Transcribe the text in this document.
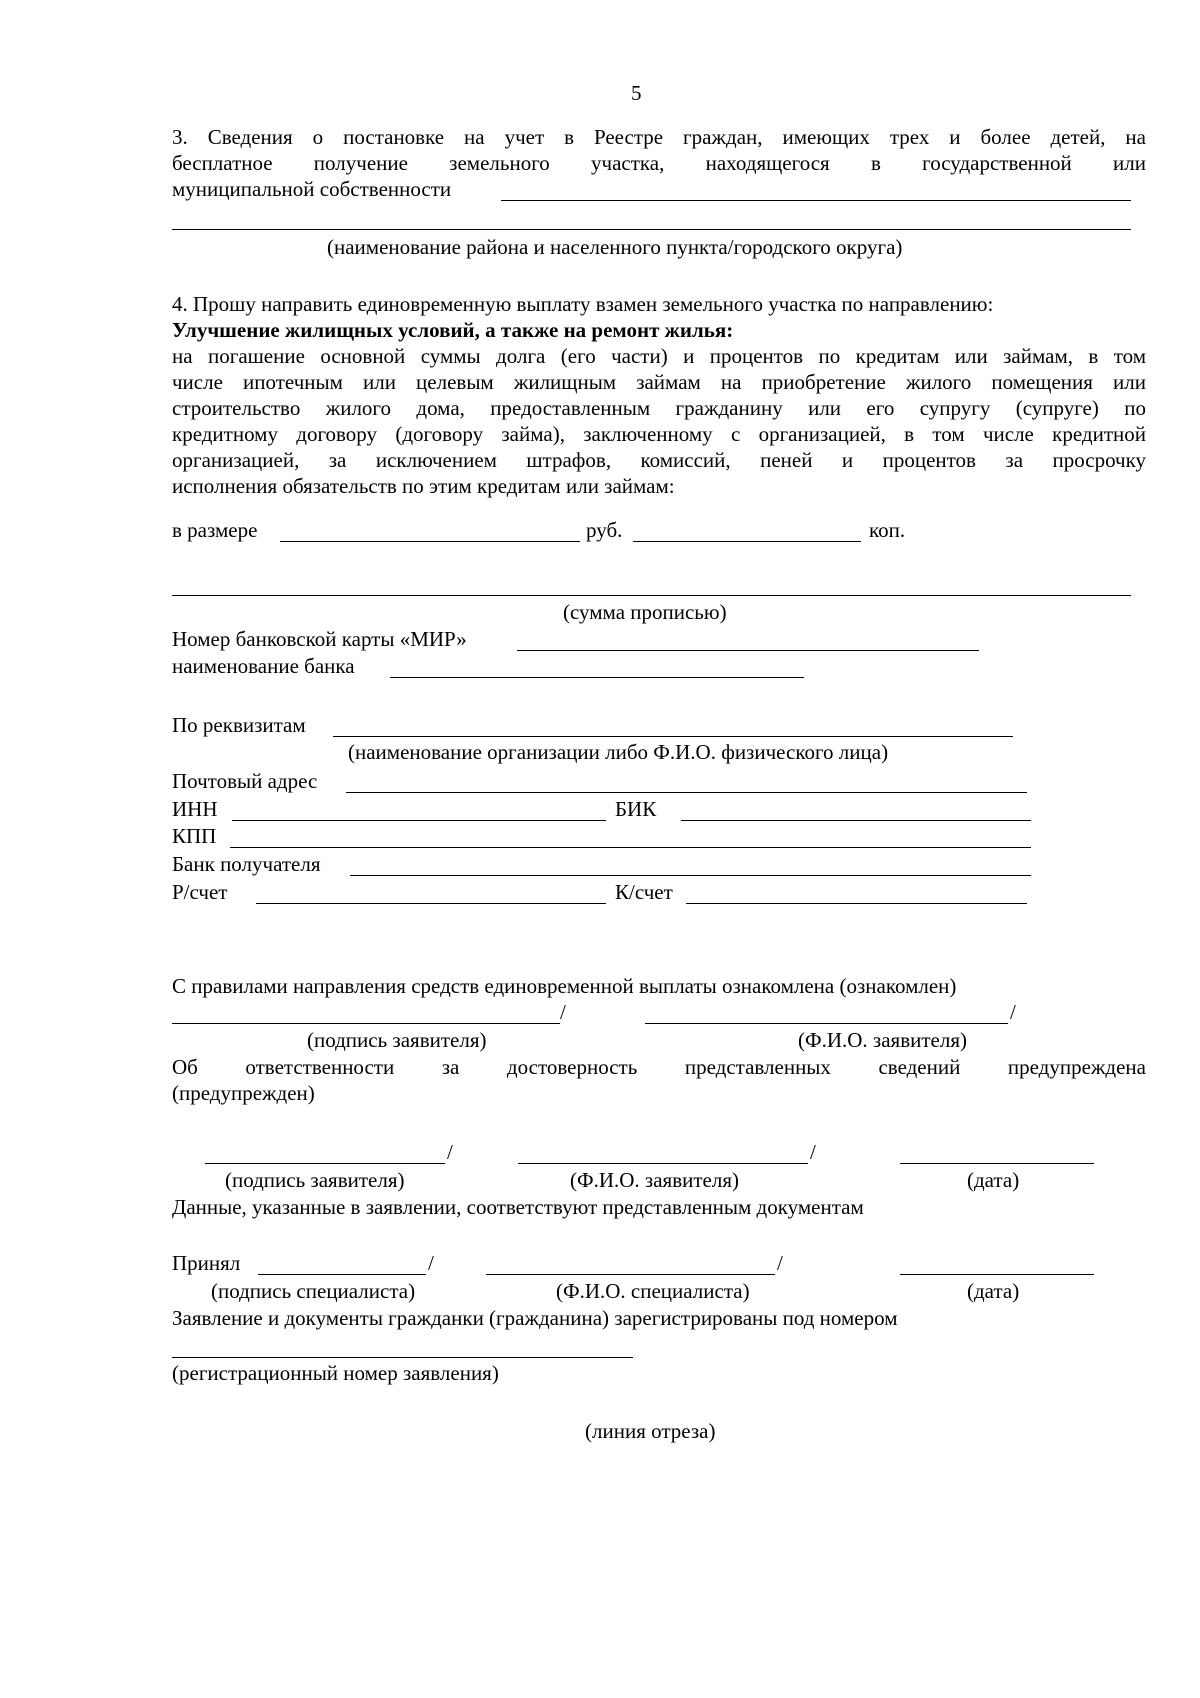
5
3. Сведения о постановке на учет в Реестре граждан, имеющих трех и более детей, на
бесплатное получение земельного участка, находящегося в государственной или
муниципальной собственности
(наименование района и населенного пункта/городского округа)
4. Прошу направить единовременную выплату взамен земельного участка по направлению:
Улучшение жилищных условий, а также на ремонт жилья:
на погашение основной суммы долга (его части) и процентов по кредитам или займам, в том
числе ипотечным или целевым жилищным займам на приобретение жилого помещения или
строительство жилого дома, предоставленным гражданину или его супругу (супруге) по
кредитному договору (договору займа), заключенному с организацией, в том числе кредитной
организацией, за исключением штрафов, комиссий, пеней и процентов за просрочку
исполнения обязательств по этим кредитам или займам:
в размере	руб.	коп.
(сумма прописью)
Номер банковской карты «МИР»
наименование банка
По реквизитам
(наименование организации либо Ф.И.О. физического лица)
Почтовый адрес
ИНН	БИК
КПП
Банк получателя
Р/счет	К/счет
С правилами направления средств единовременной выплаты ознакомлена (ознакомлен)
/	/
(подпись заявителя)	(Ф.И.О. заявителя)
Об ответственности за достоверность представленных сведений предупреждена
(предупрежден)
/	/
(подпись заявителя)	(Ф.И.О. заявителя)	(дата)
Данные, указанные в заявлении, соответствуют представленным документам
Принял	/	/
(подпись специалиста)	(Ф.И.О. специалиста)	(дата)
Заявление и документы гражданки (гражданина) зарегистрированы под номером
(регистрационный номер заявления)
(линия отреза)
